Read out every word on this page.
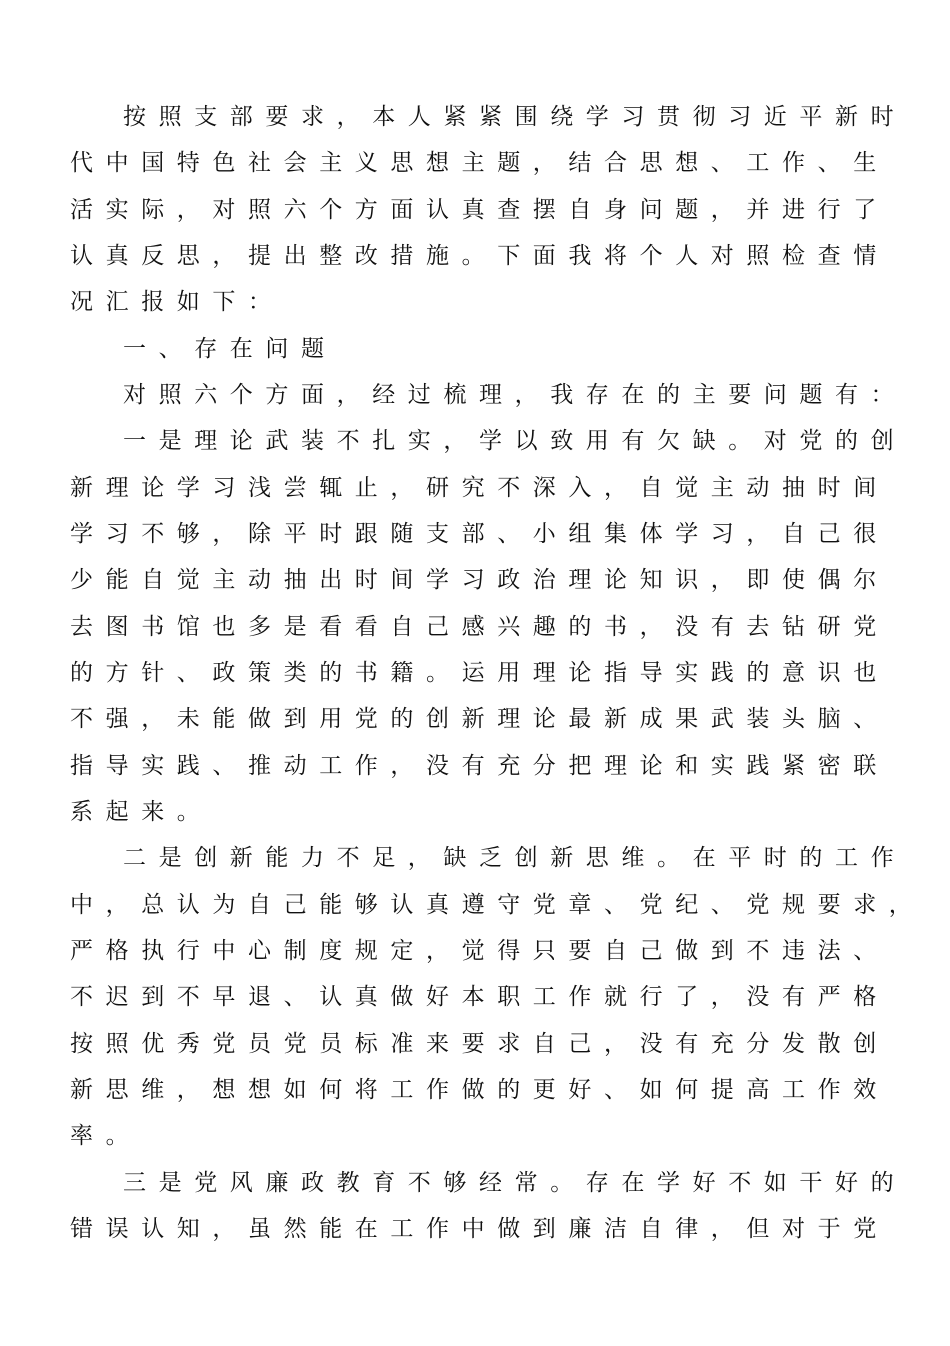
按照支部要求，本人紧紧围绕学习贯彻习近平新时

代中国特色社会主义思想主题，结合思想、工作、生

活实际，对照六个方面认真查摆自身问题，并进行了

认真反思，提出整改措施。下面我将个人对照检查情

况汇报如下：

一、存在问题

对照六个方面，经过梳理，我存在的主要问题有：

一是理论武装不扎实，学以致用有欠缺。对党的创

新理论学习浅尝辄止，研究不深入，自觉主动抽时间

学习不够，除平时跟随支部、小组集体学习，自己很

少能自觉主动抽出时间学习政治理论知识，即使偶尔

去图书馆也多是看看自己感兴趣的书，没有去钻研党

的方针、政策类的书籍。运用理论指导实践的意识也

不强，未能做到用党的创新理论最新成果武装头脑、

指导实践、推动工作，没有充分把理论和实践紧密联

系起来。

二是创新能力不足，缺乏创新思维。在平时的工作

中，总认为自己能够认真遵守党章、党纪、党规要求，

严格执行中心制度规定，觉得只要自己做到不违法、

不迟到不早退、认真做好本职工作就行了，没有严格

按照优秀党员党员标准来要求自己，没有充分发散创

新思维，想想如何将工作做的更好、如何提高工作效

率。

三是党风廉政教育不够经常。存在学好不如干好的

错误认知，虽然能在工作中做到廉洁自律，但对于党
